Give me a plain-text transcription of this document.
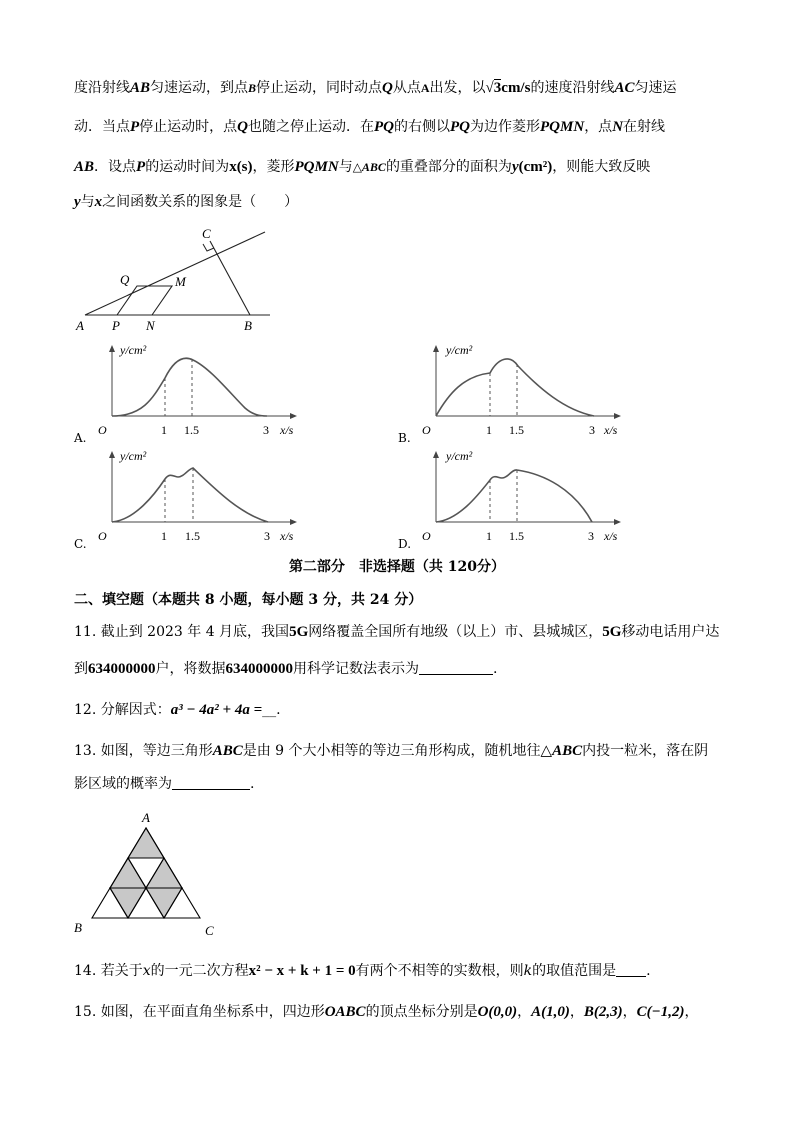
度沿射线AB匀速运动，到点B停止运动，同时动点Q从点A出发，以√3cm/s的速度沿射线AC匀速运
动．当点P停止运动时，点Q也随之停止运动．在PQ的右侧以PQ为边作菱形PQMN，点N在射线
AB．设点P的运动时间为x(s)，菱形PQMN与△ABC的重叠部分的面积为y(cm²)，则能大致反映
y与x之间函数关系的图象是（　　）
A P N	B
Q	M
C
y/cm²
x/s
O	1 1.5	3
A.
y/cm²
x/s
O	1 1.5	3
B.
y/cm²
x/s
O	1 1.5	3
C.
y/cm²
x/s
O	1 1.5	3
D.
第二部分　非选择题（共 120分）
二、填空题（本题共 8 小题，每小题 3 分，共 24 分）
11. 截止到 2023 年 4 月底，我国5G网络覆盖全国所有地级（以上）市、县城城区，5G移动电话用户达
到634000000户，将数据634000000用科学记数法表示为	.
12. 分解因式：a³ − 4a² + 4a =__.
13. 如图，等边三角形ABC是由 9 个大小相等的等边三角形构成，随机地往△ABC内投一粒米，落在阴
影区域的概率为	.
A
B	C
14. 若关于x的一元二次方程x² − x + k + 1 = 0有两个不相等的实数根，则k的取值范围是 .
15. 如图，在平面直角坐标系中，四边形OABC的顶点坐标分别是O(0,0)，A(1,0)，B(2,3)，C(−1,2)，
